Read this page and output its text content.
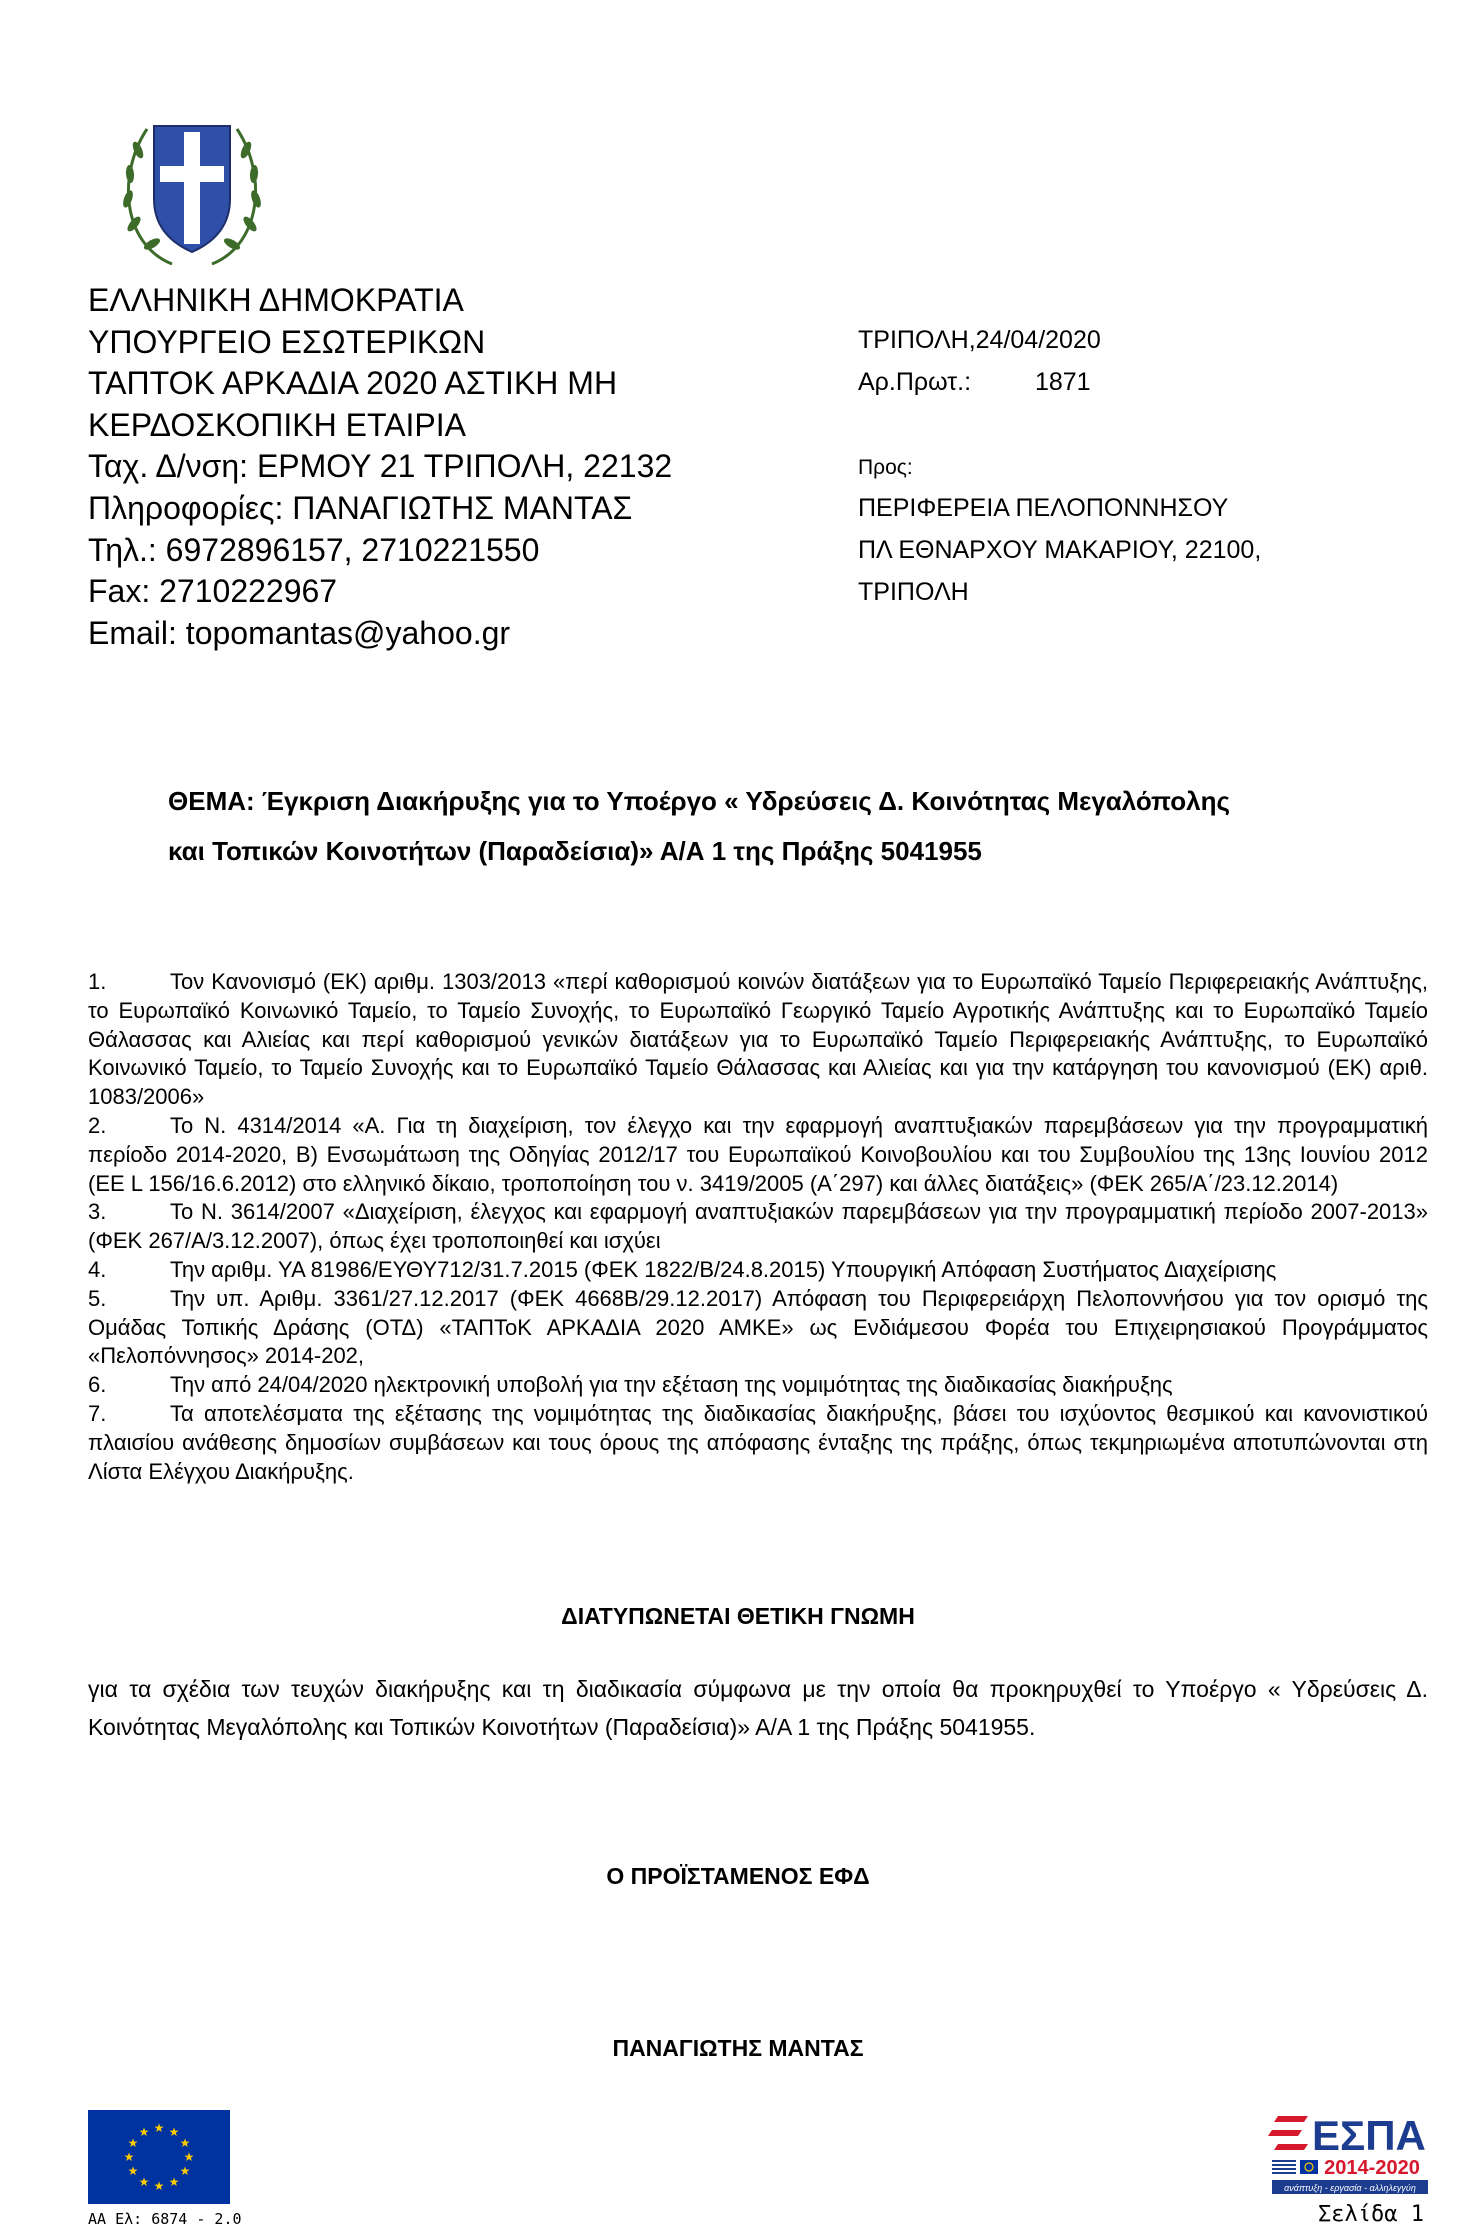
ΕΛΛΗΝΙΚΗ ΔΗΜΟΚΡΑΤΙΑ
ΥΠΟΥΡΓΕΙΟ ΕΣΩΤΕΡΙΚΩΝ
ΤΑΠΤΟΚ ΑΡΚΑΔΙΑ 2020 ΑΣΤΙΚΗ ΜΗ
ΚΕΡΔΟΣΚΟΠΙΚΗ ΕΤΑΙΡΙΑ
Ταχ. Δ/νση: ΕΡΜΟΥ 21 ΤΡΙΠΟΛΗ, 22132
Πληροφορίες: ΠΑΝΑΓΙΩΤΗΣ ΜΑΝΤΑΣ
Τηλ.: 6972896157, 2710221550
Fax: 2710222967
Email: topomantas@yahoo.gr
ΤΡΙΠΟΛΗ,24/04/2020
Αρ.Πρωτ.:	1871
Προς:
ΠΕΡΙΦΕΡΕΙΑ ΠΕΛΟΠΟΝΝΗΣΟΥ
ΠΛ ΕΘΝΑΡΧΟΥ ΜΑΚΑΡΙΟΥ, 22100,
ΤΡΙΠΟΛΗ
ΘΕΜΑ: Έγκριση Διακήρυξης για το Υποέργο « Υδρεύσεις Δ. Κοινότητας Μεγαλόπολης
και Τοπικών Κοινοτήτων (Παραδείσια)» Α/Α 1 της Πράξης 5041955
1.	Τον Κανονισμό (ΕΚ) αριθμ. 1303/2013 «περί καθορισμού κοινών διατάξεων για το Ευρωπαϊκό Ταμείο Περιφερειακής Ανάπτυξης, το Ευρωπαϊκό Κοινωνικό Ταμείο, το Ταμείο Συνοχής, το Ευρωπαϊκό Γεωργικό Ταμείο Αγροτικής Ανάπτυξης και το Ευρωπαϊκό Ταμείο Θάλασσας και Αλιείας και περί καθορισμού γενικών διατάξεων για το Ευρωπαϊκό Ταμείο Περιφερειακής Ανάπτυξης, το Ευρωπαϊκό Κοινωνικό Ταμείο, το Ταμείο Συνοχής και το Ευρωπαϊκό Ταμείο Θάλασσας και Αλιείας και για την κατάργηση του κανονισμού (ΕΚ) αριθ. 1083/2006»
2.	Το Ν. 4314/2014 «Α. Για τη διαχείριση, τον έλεγχο και την εφαρμογή αναπτυξιακών παρεμβάσεων για την προγραμματική περίοδο 2014-2020, Β) Ενσωμάτωση της Οδηγίας 2012/17 του Ευρωπαϊκού Κοινοβουλίου και του Συμβουλίου της 13ης Ιουνίου 2012 (ΕΕ L 156/16.6.2012) στο ελληνικό δίκαιο, τροποποίηση του ν. 3419/2005 (Α΄297) και άλλες διατάξεις» (ΦΕΚ 265/Α΄/23.12.2014)
3.	Το Ν. 3614/2007 «Διαχείριση, έλεγχος και εφαρμογή αναπτυξιακών παρεμβάσεων για την προγραμματική περίοδο 2007-2013» (ΦΕΚ 267/Α/3.12.2007), όπως έχει τροποποιηθεί και ισχύει
4.	Την αριθμ. ΥΑ 81986/ΕΥΘΥ712/31.7.2015 (ΦΕΚ 1822/Β/24.8.2015) Υπουργική Απόφαση Συστήματος Διαχείρισης
5.	Την υπ. Αριθμ. 3361/27.12.2017 (ΦΕΚ 4668Β/29.12.2017) Απόφαση του Περιφερειάρχη Πελοποννήσου για τον ορισμό της Ομάδας Τοπικής Δράσης (ΟΤΔ) «ΤΑΠΤοΚ ΑΡΚΑΔΙΑ 2020 ΑΜΚΕ» ως Ενδιάμεσου Φορέα του Επιχειρησιακού Προγράμματος «Πελοπόννησος» 2014-202,
6.	Την από 24/04/2020 ηλεκτρονική υποβολή για την εξέταση της νομιμότητας της διαδικασίας διακήρυξης
7.	Τα αποτελέσματα της εξέτασης της νομιμότητας της διαδικασίας διακήρυξης, βάσει του ισχύοντος θεσμικού και κανονιστικού πλαισίου ανάθεσης δημοσίων συμβάσεων και τους όρους της απόφασης ένταξης της πράξης, όπως τεκμηριωμένα αποτυπώνονται στη Λίστα Ελέγχου Διακήρυξης.
ΔΙΑΤΥΠΩΝΕΤΑΙ ΘΕΤΙΚΗ ΓΝΩΜΗ
για τα σχέδια των τευχών διακήρυξης και τη διαδικασία σύμφωνα με την οποία θα προκηρυχθεί το Υποέργο « Υδρεύσεις Δ. Κοινότητας Μεγαλόπολης και Τοπικών Κοινοτήτων (Παραδείσια)» Α/Α 1 της Πράξης 5041955.
Ο ΠΡΟΪΣΤΑΜΕΝΟΣ ΕΦΔ
ΠΑΝΑΓΙΩΤΗΣ ΜΑΝΤΑΣ
★ ★
★
★
★
★
★
★
★
★
★
★
ΑΑ Ελ: 6874 - 2.0
ΕΣΠΑ
2014-2020
ανάπτυξη - εργασία - αλληλεγγύη
Σελίδα 1
